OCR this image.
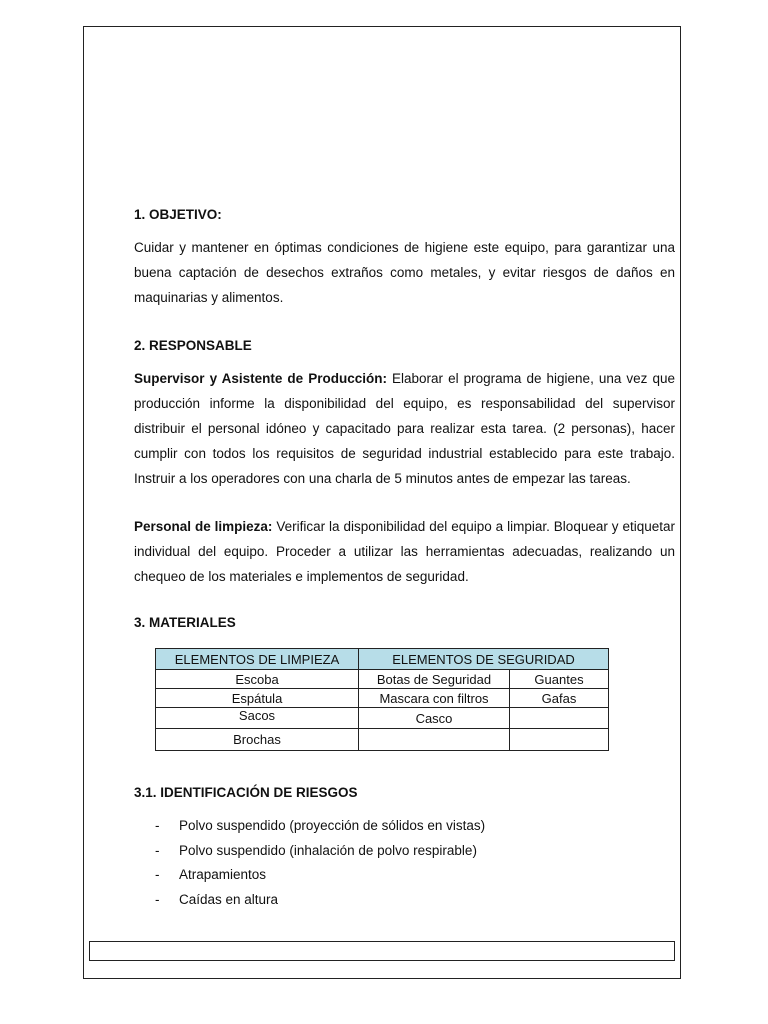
1. OBJETIVO:

Cuidar y mantener en óptimas condiciones de higiene este equipo, para garantizar una buena captación de desechos extraños como metales, y evitar riesgos de daños en maquinarias y alimentos.

2. RESPONSABLE

Supervisor y Asistente de Producción: Elaborar el programa de higiene, una vez que producción informe la disponibilidad del equipo, es responsabilidad del supervisor distribuir el personal idóneo y capacitado para realizar esta tarea. (2 personas), hacer cumplir con todos los requisitos de seguridad industrial establecido para este trabajo. Instruir a los operadores con una charla de 5 minutos antes de empezar las tareas.

Personal de limpieza: Verificar la disponibilidad del equipo a limpiar. Bloquear y etiquetar individual del equipo. Proceder a utilizar las herramientas adecuadas, realizando un chequeo de los materiales e implementos de seguridad.

3. MATERIALES
ELEMENTOS DE LIMPIEZA	ELEMENTOS DE SEGURIDAD	
Escoba	Botas de Seguridad	Guantes
Espátula	Mascara con filtros	Gafas
Sacos	Casco	
Brochas		
3.1. IDENTIFICACIÓN DE RIESGOS
-	Polvo suspendido (proyección de sólidos en vistas)
-	Polvo suspendido (inhalación de polvo respirable)
-	Atrapamientos
-	Caídas en altura
